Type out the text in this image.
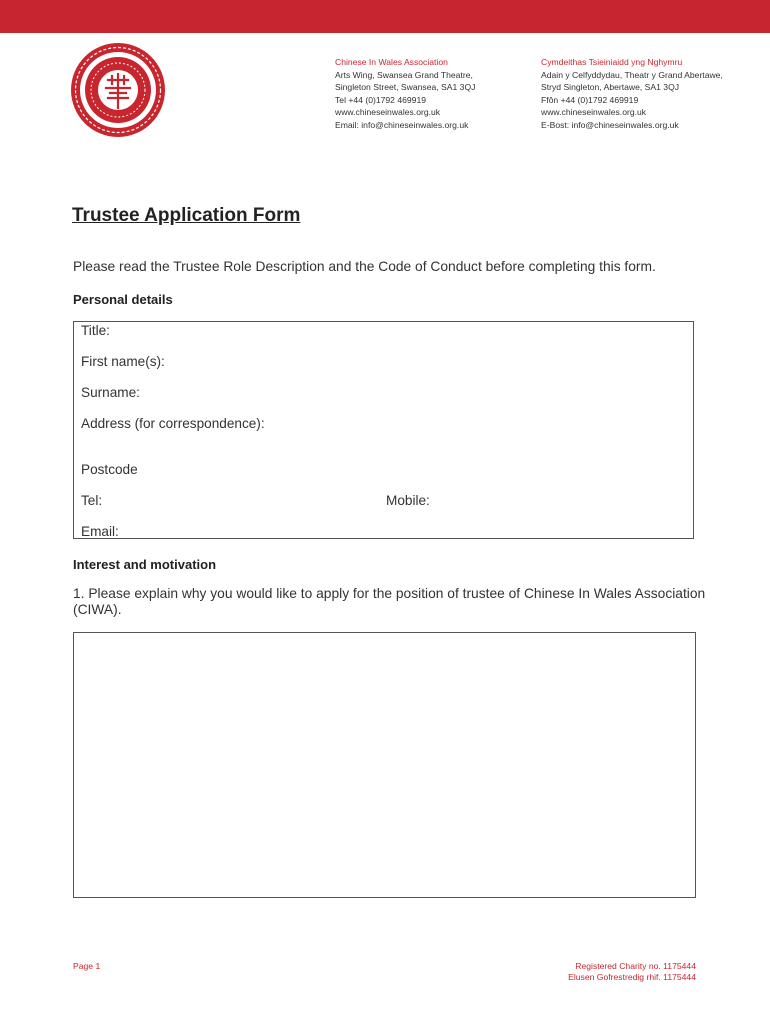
Chinese In Wales Association
Arts Wing, Swansea Grand Theatre,
Singleton Street, Swansea, SA1 3QJ
Tel +44 (0)1792 469919
www.chineseinwales.org.uk
Email: info@chineseinwales.org.uk
Cymdeithas Tsieiniaidd yng Nghymru
Adain y Celfyddydau, Theatr y Grand Abertawe,
Stryd Singleton, Abertawe, SA1 3QJ
Ffôn +44 (0)1792 469919
www.chineseinwales.org.uk
E-Bost: info@chineseinwales.org.uk
Trustee Application Form
Please read the Trustee Role Description and the Code of Conduct before completing this form.
Personal details
Title:
First name(s):
Surname:
Address (for correspondence):
Postcode
Tel:	Mobile:
Email:
Interest and motivation
1. Please explain why you would like to apply for the position of trustee of Chinese In Wales Association (CIWA).
Page 1	Registered Charity no. 1175444
Elusen Gofrestredig rhif. 1175444
